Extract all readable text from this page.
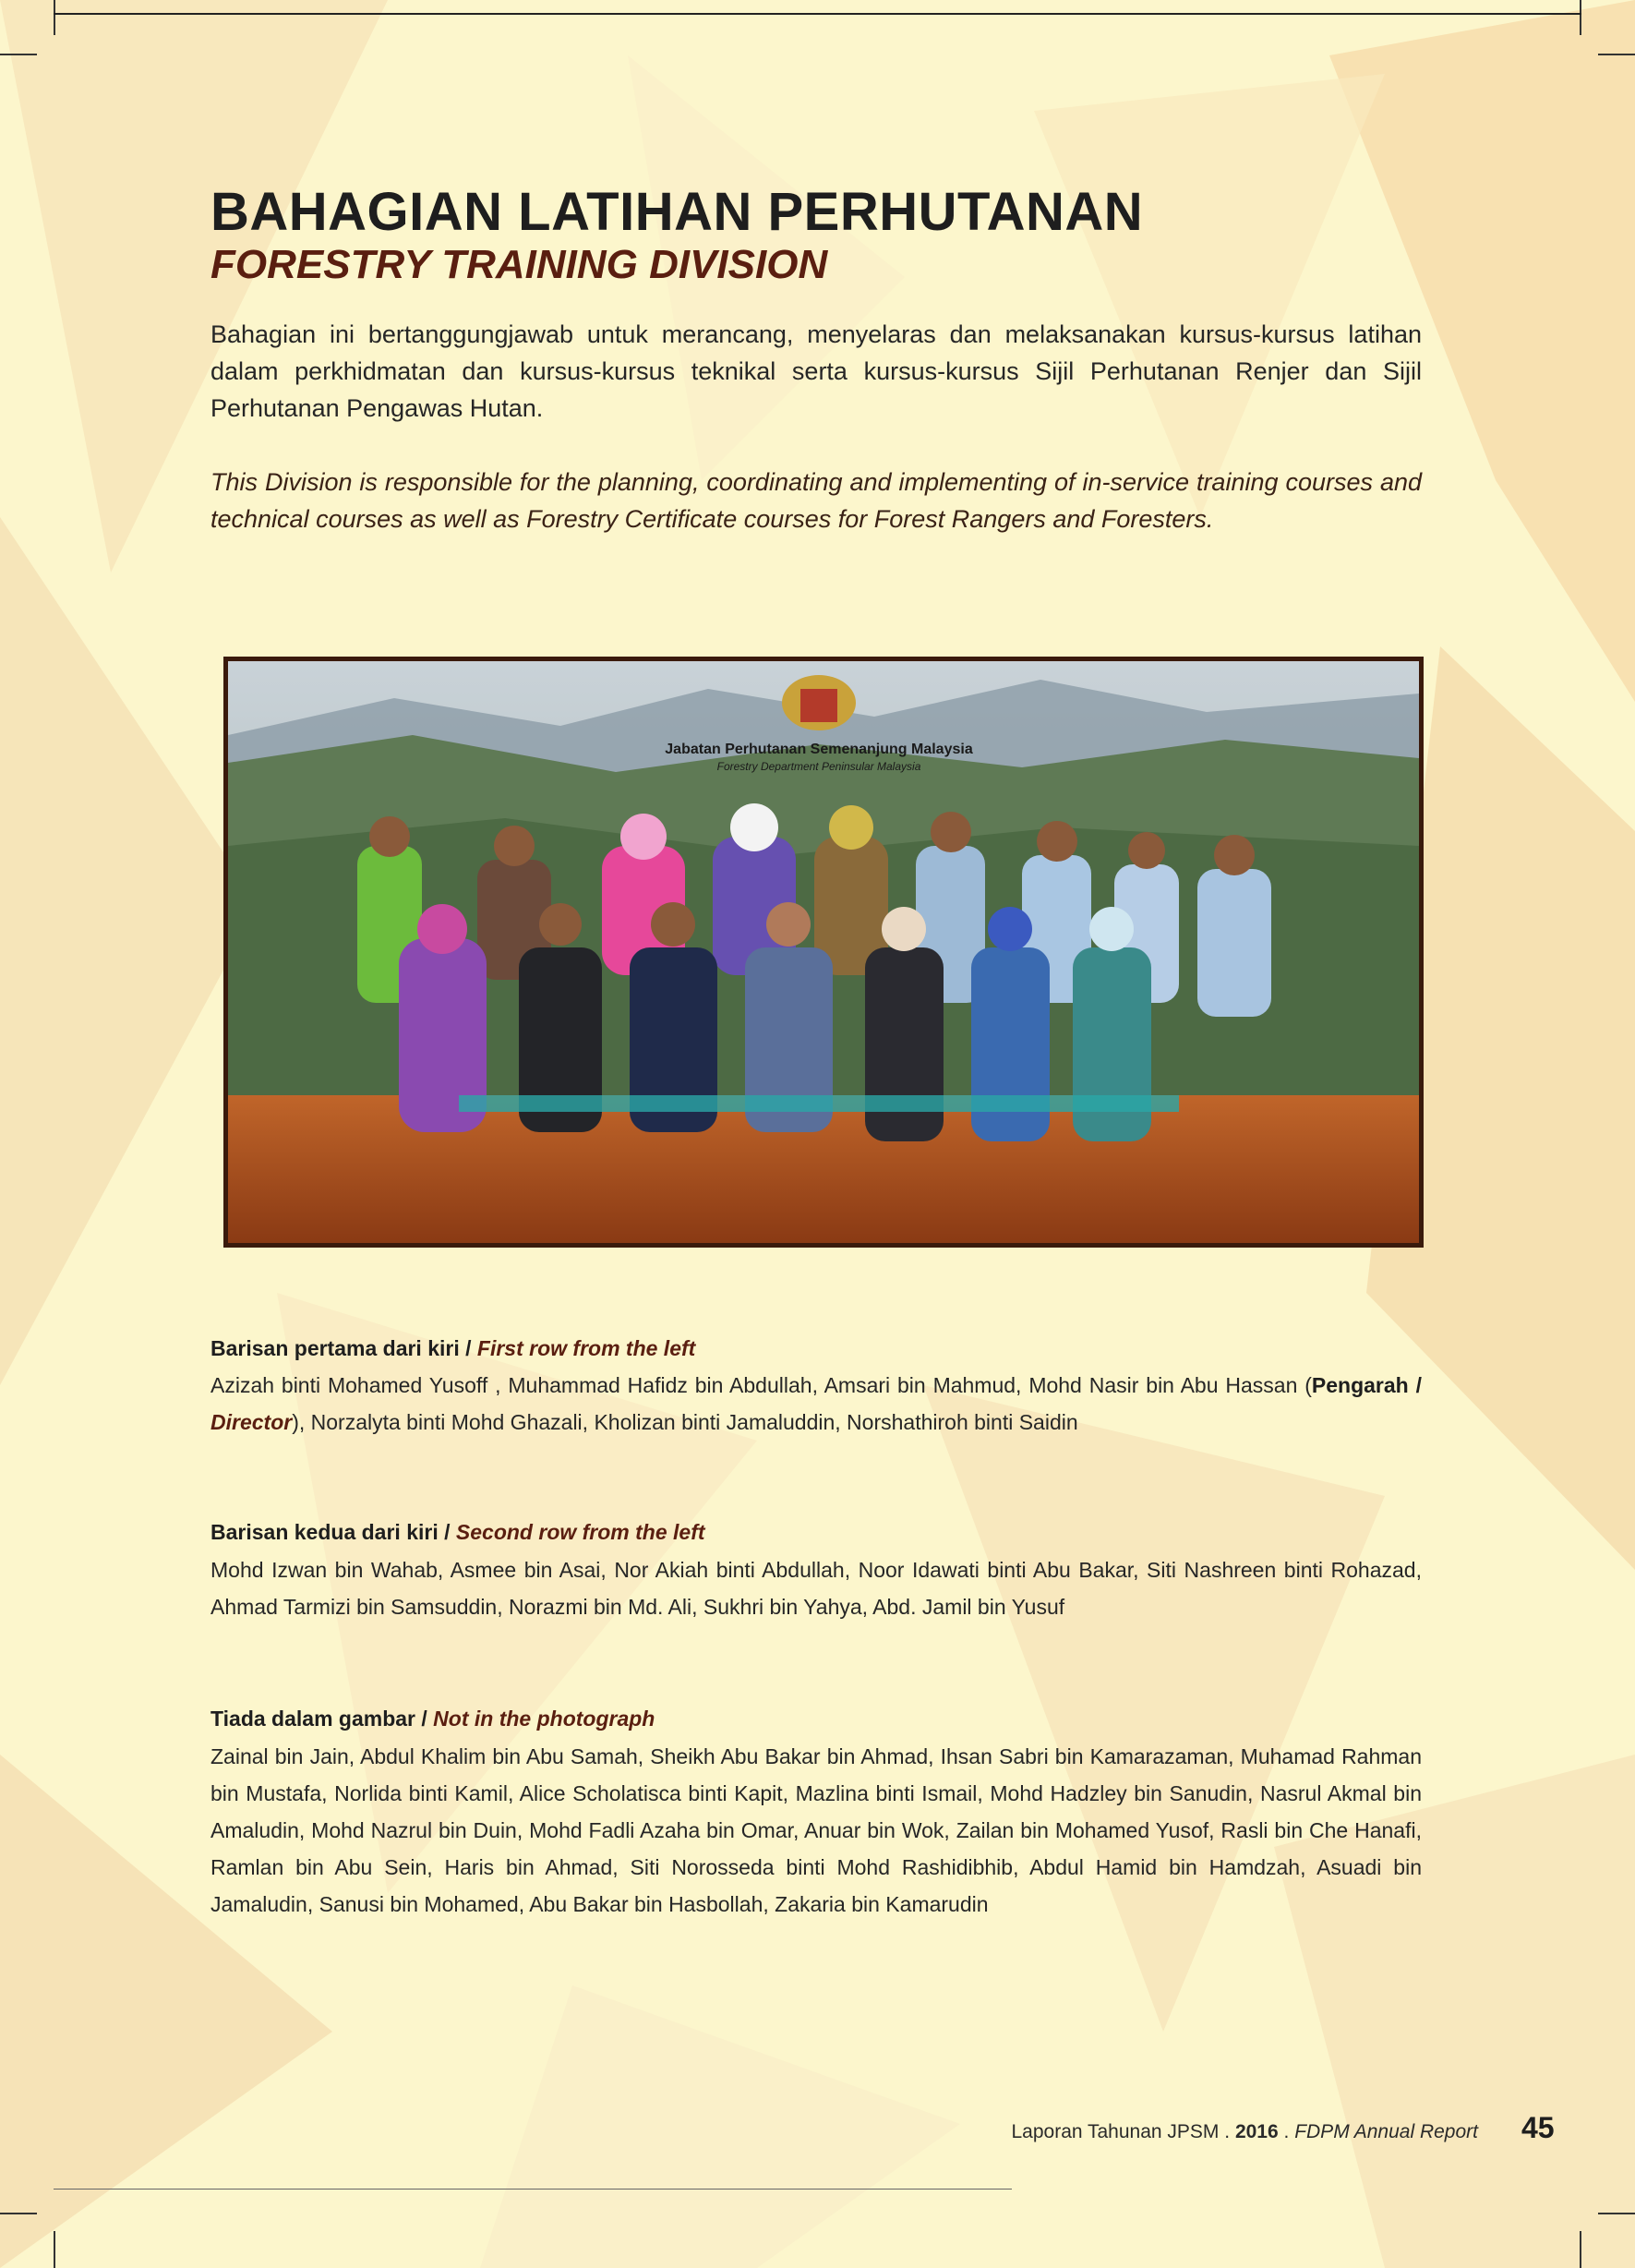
BAHAGIAN LATIHAN PERHUTANAN
FORESTRY TRAINING DIVISION

Bahagian ini bertanggungjawab untuk merancang, menyelaras dan melaksanakan kursus-kursus latihan dalam perkhidmatan dan kursus-kursus teknikal serta kursus-kursus Sijil Perhutanan Renjer dan Sijil Perhutanan Pengawas Hutan.

This Division is responsible for the planning, coordinating and implementing of in-service training courses and technical courses as well as Forestry Certificate courses for Forest Rangers and Foresters.

Jabatan Perhutanan Semenanjung Malaysia
Forestry Department Peninsular Malaysia

Barisan pertama dari kiri / First row from the left

Azizah binti Mohamed Yusoff , Muhammad Hafidz bin Abdullah, Amsari bin Mahmud, Mohd Nasir bin Abu Hassan (Pengarah / Director), Norzalyta binti Mohd Ghazali, Kholizan binti Jamaluddin, Norshathiroh binti Saidin

Barisan kedua dari kiri / Second row from the left

Mohd Izwan bin Wahab, Asmee bin Asai, Nor Akiah binti Abdullah, Noor Idawati binti Abu Bakar, Siti Nashreen binti Rohazad, Ahmad Tarmizi bin Samsuddin, Norazmi bin Md. Ali, Sukhri bin Yahya, Abd. Jamil bin Yusuf

Tiada dalam gambar / Not in the photograph

Zainal bin Jain, Abdul Khalim bin Abu Samah, Sheikh Abu Bakar bin Ahmad, Ihsan Sabri bin Kamarazaman, Muhamad Rahman bin Mustafa, Norlida binti Kamil, Alice Scholatisca binti Kapit, Mazlina binti Ismail, Mohd Hadzley bin Sanudin, Nasrul Akmal bin Amaludin, Mohd Nazrul bin Duin, Mohd Fadli Azaha bin Omar, Anuar bin Wok, Zailan bin Mohamed Yusof, Rasli bin Che Hanafi, Ramlan bin Abu Sein, Haris bin Ahmad, Siti Norosseda binti Mohd Rashidibhib, Abdul Hamid bin Hamdzah, Asuadi bin Jamaludin, Sanusi bin Mohamed, Abu Bakar bin Hasbollah, Zakaria bin Kamarudin

Laporan Tahunan JPSM . 2016 . FDPM Annual Report 45
